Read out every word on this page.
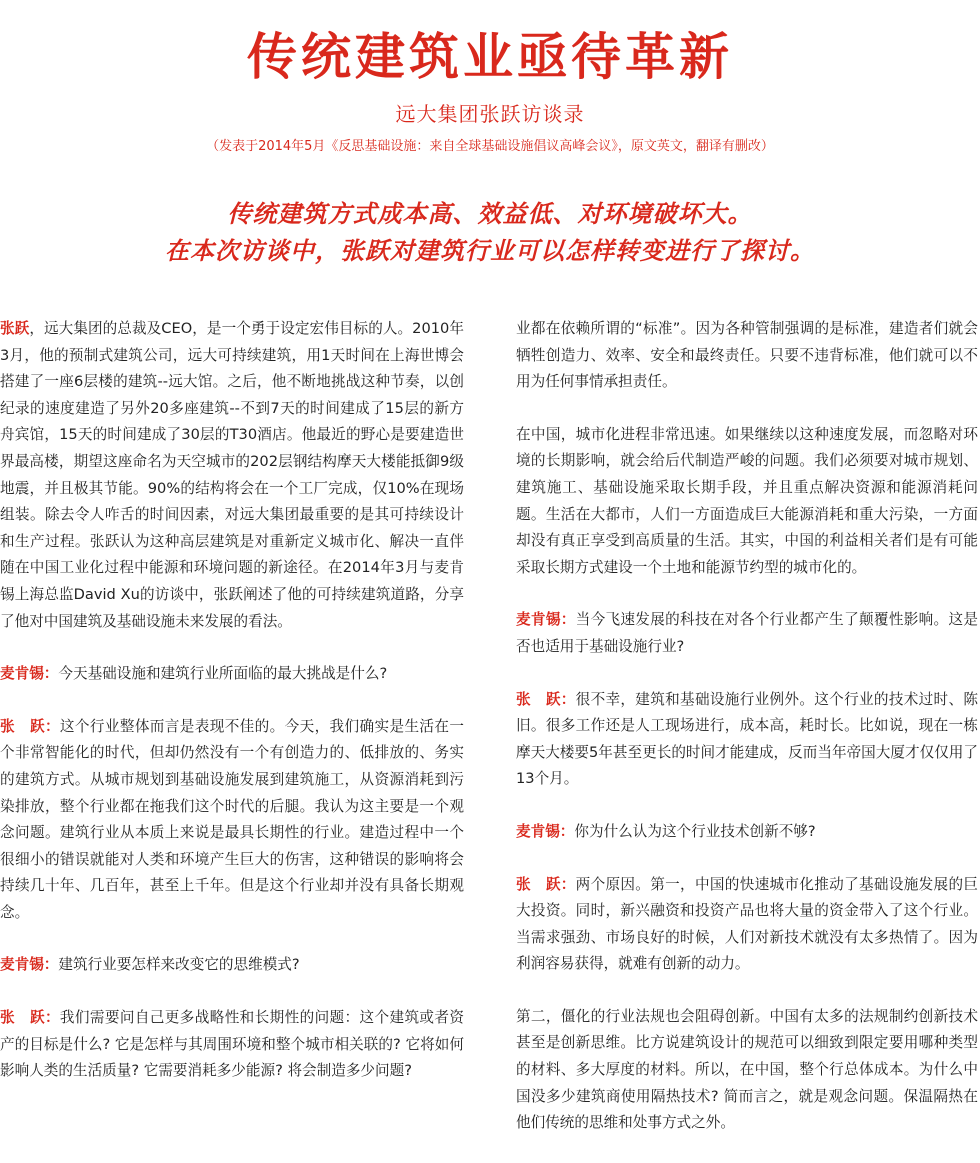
传统建筑业亟待革新
远大集团张跃访谈录
（发表于2014年5月《反思基础设施：来自全球基础设施倡议高峰会议》，原文英文，翻译有删改）
传统建筑方式成本高、效益低、对环境破坏大。
在本次访谈中，张跃对建筑行业可以怎样转变进行了探讨。

张跃，远大集团的总裁及CEO，是一个勇于设定宏伟目标的人。2010年3月，他的预制式建筑公司，远大可持续建筑，用1天时间在上海世博会搭建了一座6层楼的建筑--远大馆。之后，他不断地挑战这种节奏，以创纪录的速度建造了另外20多座建筑--不到7天的时间建成了15层的新方舟宾馆，15天的时间建成了30层的T30酒店。他最近的野心是要建造世界最高楼，期望这座命名为天空城市的202层钢结构摩天大楼能抵御9级地震，并且极其节能。90%的结构将会在一个工厂完成，仅10%在现场组装。除去令人咋舌的时间因素，对远大集团最重要的是其可持续设计和生产过程。张跃认为这种高层建筑是对重新定义城市化、解决一直伴随在中国工业化过程中能源和环境问题的新途径。在2014年3月与麦肯锡上海总监David Xu的访谈中，张跃阐述了他的可持续建筑道路，分享了他对中国建筑及基础设施未来发展的看法。

麦肯锡：今天基础设施和建筑行业所面临的最大挑战是什么?

张　跃：这个行业整体而言是表现不佳的。今天，我们确实是生活在一个非常智能化的时代，但却仍然没有一个有创造力的、低排放的、务实的建筑方式。从城市规划到基础设施发展到建筑施工，从资源消耗到污染排放，整个行业都在拖我们这个时代的后腿。我认为这主要是一个观念问题。建筑行业从本质上来说是最具长期性的行业。建造过程中一个很细小的错误就能对人类和环境产生巨大的伤害，这种错误的影响将会持续几十年、几百年，甚至上千年。但是这个行业却并没有具备长期观念。

麦肯锡：建筑行业要怎样来改变它的思维模式?

张　跃：我们需要问自己更多战略性和长期性的问题：这个建筑或者资产的目标是什么? 它是怎样与其周围环境和整个城市相关联的? 它将如何影响人类的生活质量? 它需要消耗多少能源? 将会制造多少问题?

业都在依赖所谓的“标准”。因为各种管制强调的是标准，建造者们就会牺牲创造力、效率、安全和最终责任。只要不违背标准，他们就可以不用为任何事情承担责任。

在中国，城市化进程非常迅速。如果继续以这种速度发展，而忽略对环境的长期影响，就会给后代制造严峻的问题。我们必须要对城市规划、建筑施工、基础设施采取长期手段，并且重点解决资源和能源消耗问题。生活在大都市，人们一方面造成巨大能源消耗和重大污染，一方面却没有真正享受到高质量的生活。其实，中国的利益相关者们是有可能采取长期方式建设一个土地和能源节约型的城市化的。

麦肯锡：当今飞速发展的科技在对各个行业都产生了颠覆性影响。这是否也适用于基础设施行业?

张　跃：很不幸，建筑和基础设施行业例外。这个行业的技术过时、陈旧。很多工作还是人工现场进行，成本高，耗时长。比如说，现在一栋摩天大楼要5年甚至更长的时间才能建成，反而当年帝国大厦才仅仅用了13个月。

麦肯锡：你为什么认为这个行业技术创新不够?

张　跃：两个原因。第一，中国的快速城市化推动了基础设施发展的巨大投资。同时，新兴融资和投资产品也将大量的资金带入了这个行业。当需求强劲、市场良好的时候，人们对新技术就没有太多热情了。因为利润容易获得，就难有创新的动力。

第二，僵化的行业法规也会阻碍创新。中国有太多的法规制约创新技术甚至是创新思维。比方说建筑设计的规范可以细致到限定要用哪种类型的材料、多大厚度的材料。所以，在中国，整个行总体成本。为什么中国没多少建筑商使用隔热技术? 简而言之，就是观念问题。保温隔热在他们传统的思维和处事方式之外。
